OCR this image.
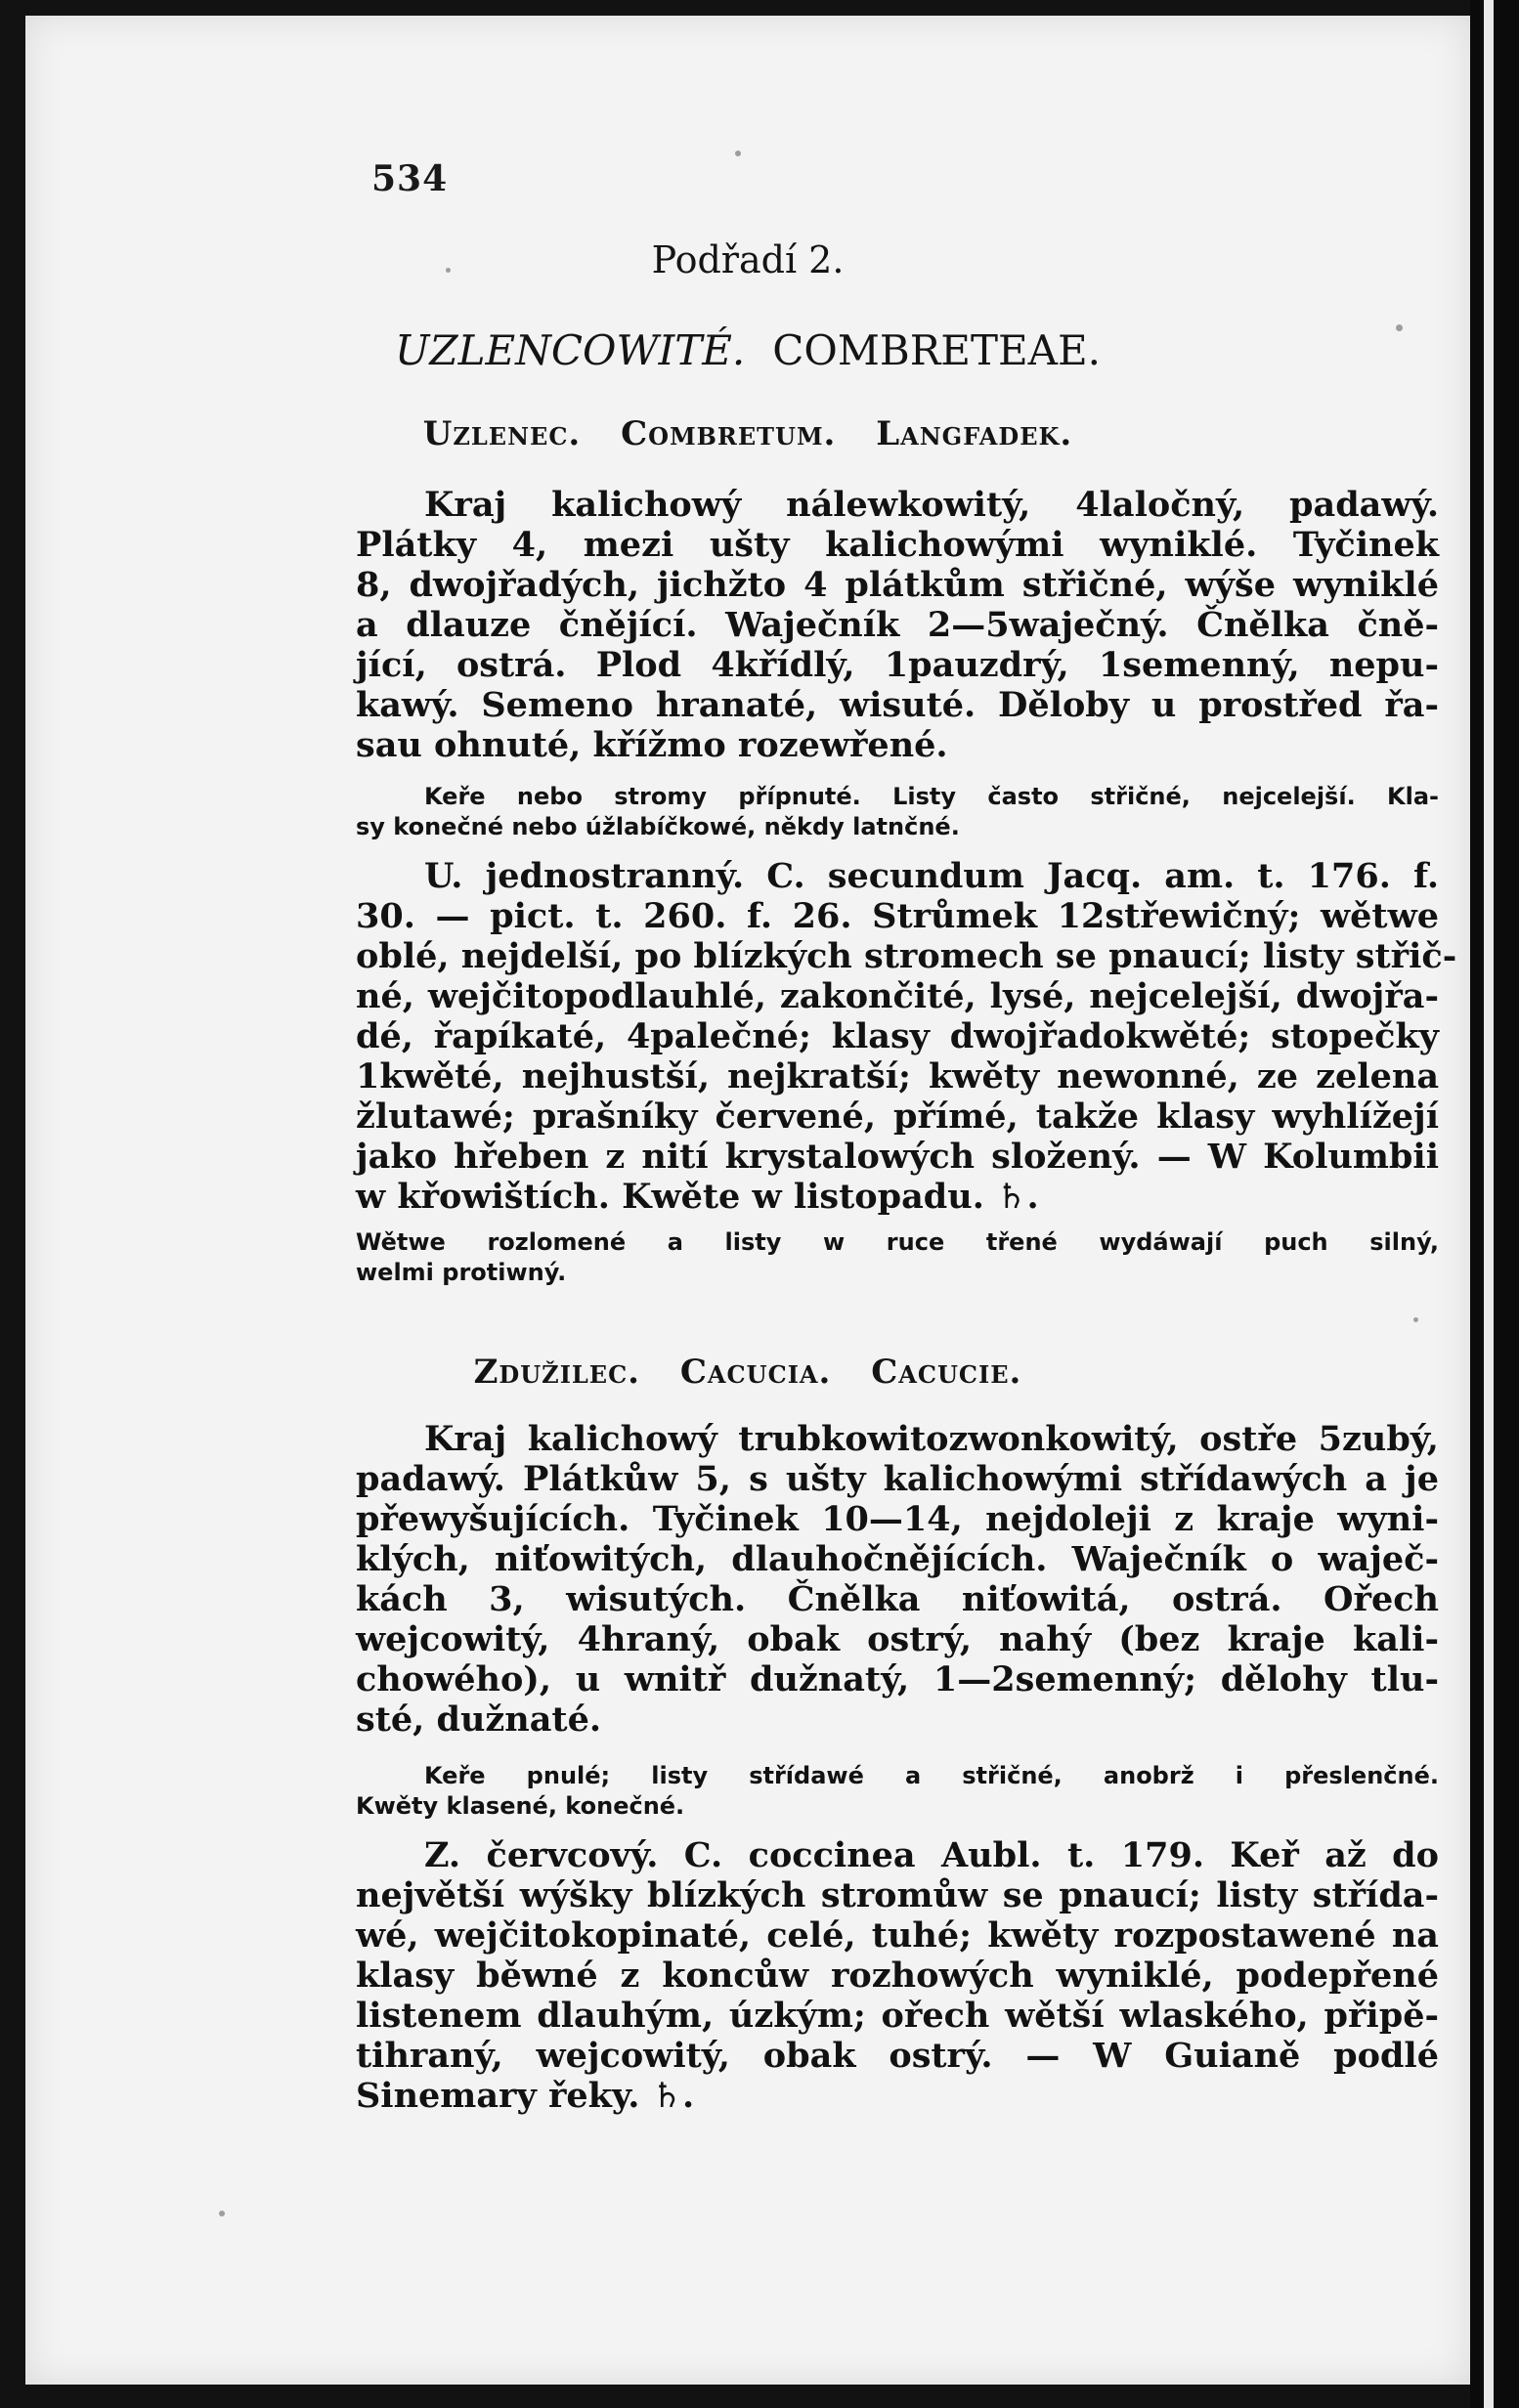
534
Podřadí 2.
UZLENCOWITÉ. COMBRETEAE.
Uzlenec. Combretum. Langfadek.
Kraj kalichowý nálewkowitý, 4laločný, padawý.
Plátky 4, mezi ušty kalichowými wyniklé. Tyčinek
8, dwojřadých, jichžto 4 plátkům střičné, wýše wyniklé
a dlauze čnějící. Waječník 2—5waječný. Čnělka čně-
jící, ostrá. Plod 4křídlý, 1pauzdrý, 1semenný, nepu-
kawý. Semeno hranaté, wisuté. Děloby u prostřed řa-
sau ohnuté, křížmo rozewřené.
Keře nebo stromy přípnuté. Listy často střičné, nejcelejší. Kla-
sy konečné nebo úžlabíčkowé, někdy latnčné.
U. jednostranný. C. secundum Jacq. am. t. 176. f.
30. — pict. t. 260. f. 26. Strůmek 12střewičný; wětwe
oblé, nejdelší, po blízkých stromech se pnaucí; listy střič-
né, wejčitopodlauhlé, zakončité, lysé, nejcelejší, dwojřa-
dé, řapíkaté, 4palečné; klasy dwojřadokwěté; stopečky
1kwěté, nejhustší, nejkratší; kwěty newonné, ze zelena
žlutawé; prašníky červené, přímé, takže klasy wyhlížejí
jako hřeben z nití krystalowých složený. — W Kolumbii
w křowištích. Kwěte w listopadu. ♄.
Wětwe rozlomené a listy w ruce třené wydáwají puch silný,
welmi protiwný.
Zdužilec. Cacucia. Cacucie.
Kraj kalichowý trubkowitozwonkowitý, ostře 5zubý,
padawý. Plátkůw 5, s ušty kalichowými střídawých a je
přewyšujících. Tyčinek 10—14, nejdoleji z kraje wyni-
klých, niťowitých, dlauhočnějících. Waječník o waječ-
kách 3, wisutých. Čnělka niťowitá, ostrá. Ořech
wejcowitý, 4hraný, obak ostrý, nahý (bez kraje kali-
chowého), u wnitř dužnatý, 1—2semenný; dělohy tlu-
sté, dužnaté.
Keře pnulé; listy střídawé a střičné, anobrž i přeslenčné.
Kwěty klasené, konečné.
Z. červcový. C. coccinea Aubl. t. 179. Keř až do
největší wýšky blízkých stromůw se pnaucí; listy střída-
wé, wejčitokopinaté, celé, tuhé; kwěty rozpostawené na
klasy běwné z koncůw rozhowých wyniklé, podepřené
listenem dlauhým, úzkým; ořech wětší wlaského, připě-
tihraný, wejcowitý, obak ostrý. — W Guianě podlé
Sinemary řeky. ♄.
